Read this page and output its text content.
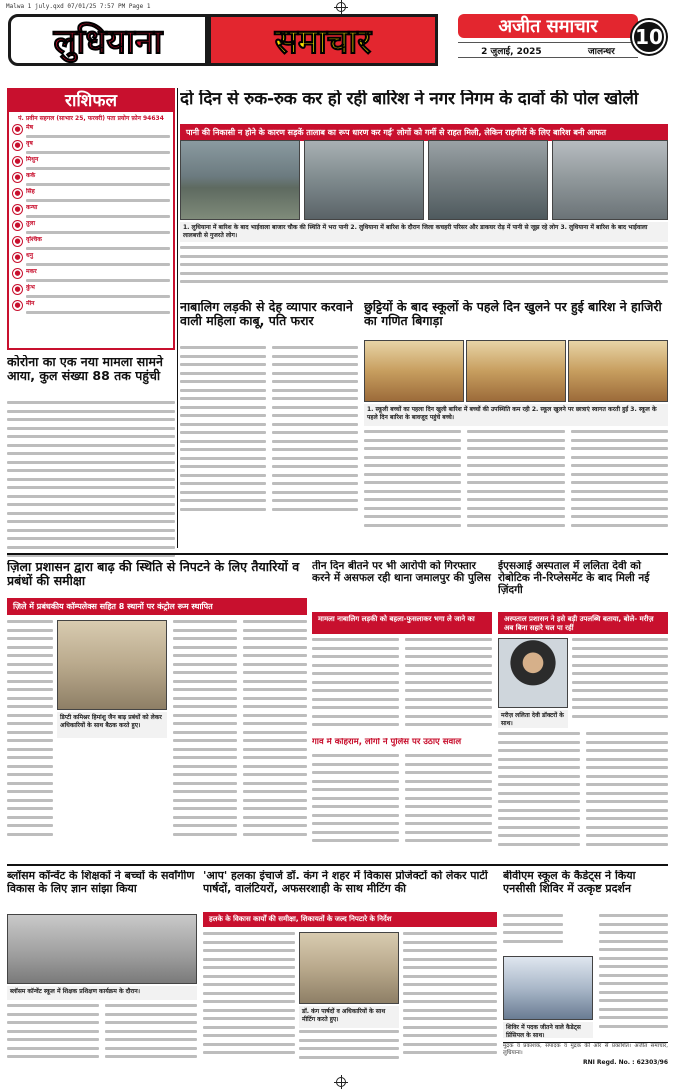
Malwa 1 july.qxd 07/01/25 7:57 PM Page 1
लुधियाना	समाचार	अजीत समाचार
2 जुलाई, 2025	जालन्धर
10
दो दिन से रुक-रुक कर हो रही बारिश ने नगर निगम के दावों की पोल खोली
पानी की निकासी न होने के कारण सड़कें तालाब का रूप धारण कर गई' लोगों को गर्मी से राहत मिली, लेकिन राहगीरों के लिए बारिश बनी आफत
1. लुधियाना में बारिश के बाद भाईवाला बाजार चौक की स्थिति में भरा पानी 2. लुधियाना में बारिश के दौरान जिला कचहरी परिसर और डाकघर रोड़ में पानी से जूझ रहे लोग 3. लुधियाना में बारिश के बाद भाईवाला लालबत्ती से गुजरते लोग।
राशिफल
पं. प्रवीन सहगल (साभार 25, फरवरी) पता प्रयोग फ़ोन 94634
● मेष
● वृष
● मिथुन
● कर्क
● सिंह
● कन्या
● तुला
● वृश्चिक
● धनु
● मकर
● कुंभ
● मीन
कोरोना का एक नया मामला सामने आया, कुल संख्या 88 तक पहुंची
नाबालिग लड़की से देह व्यापार करवाने वाली महिला काबू, पति फरार
छुट्टियों के बाद स्कूलों के पहले दिन खुलने पर हुई बारिश ने हाजिरी का गणित बिगाड़ा
1. स्कूली बच्चों का पहला दिन खुली बारिश में बच्चों की उपस्थिति कम रही 2. स्कूल खुलने पर छात्राएं स्वागत करती हुईं 3. स्कूल के पहले दिन बारिश के बावजूद पहुंचे बच्चे।
ज़िला प्रशासन द्वारा बाढ़ की स्थिति से निपटने के लिए तैयारियों व प्रबंधों की समीक्षा
ज़िले में प्रबंधकीय कॉम्पलेक्स सहित 8 स्थानों पर कंट्रोल रूम स्थापित
डिप्टी कमिश्नर हिमांशु जैन बाढ़ प्रबंधों को लेकर अधिकारियों के साथ बैठक करते हुए।
तीन दिन बीतने पर भी आरोपी को गिरफ्तार करने में असफल रही थाना जमालपुर की पुलिस
मामला नाबालिग लड़की को बहला-फुसलाकर भगा ले जाने का
गांव में कोहराम, लोगों ने पुलिस पर उठाए सवाल
ईएसआई अस्पताल में ललिता देवी को रोबोटिक नी-रिप्लेसमेंट के बाद मिली नई ज़िंदगी
अस्पताल प्रशासन ने इसे बड़ी उपलब्धि बताया, बोले- मरीज़ अब बिना सहारे चल पा रहीं
मरीज़ ललिता देवी डॉक्टरों के साथ।
ब्लॉसम कॉन्वेंट के शिक्षकों ने बच्चों के सर्वांगीण विकास के लिए ज्ञान सांझा किया
ब्लॉसम कॉन्वेंट स्कूल में शिक्षक प्रशिक्षण कार्यक्रम के दौरान।
'आप' हलका इंचार्ज डॉ. कंग ने शहर में विकास प्रोजेक्टों को लेकर पार्टी पार्षदों, वालंटियरों, अफसरशाही के साथ मीटिंग की
हलके के विकास कार्यों की समीक्षा, शिकायतों के जल्द निपटारे के निर्देश
डॉ. कंग पार्षदों व अधिकारियों के साथ मीटिंग करते हुए।
बीवीएम स्कूल के कैडेट्स ने किया एनसीसी शिविर में उत्कृष्ट प्रदर्शन
शिविर में पदक जीतने वाले कैडेट्स प्रिंसिपल के साथ।
मुद्रक व प्रकाशक, संपादक व मुद्रक की ओर से प्रकाशित। अजीत समाचार, लुधियाना।
RNI Regd. No. : 62303/96
